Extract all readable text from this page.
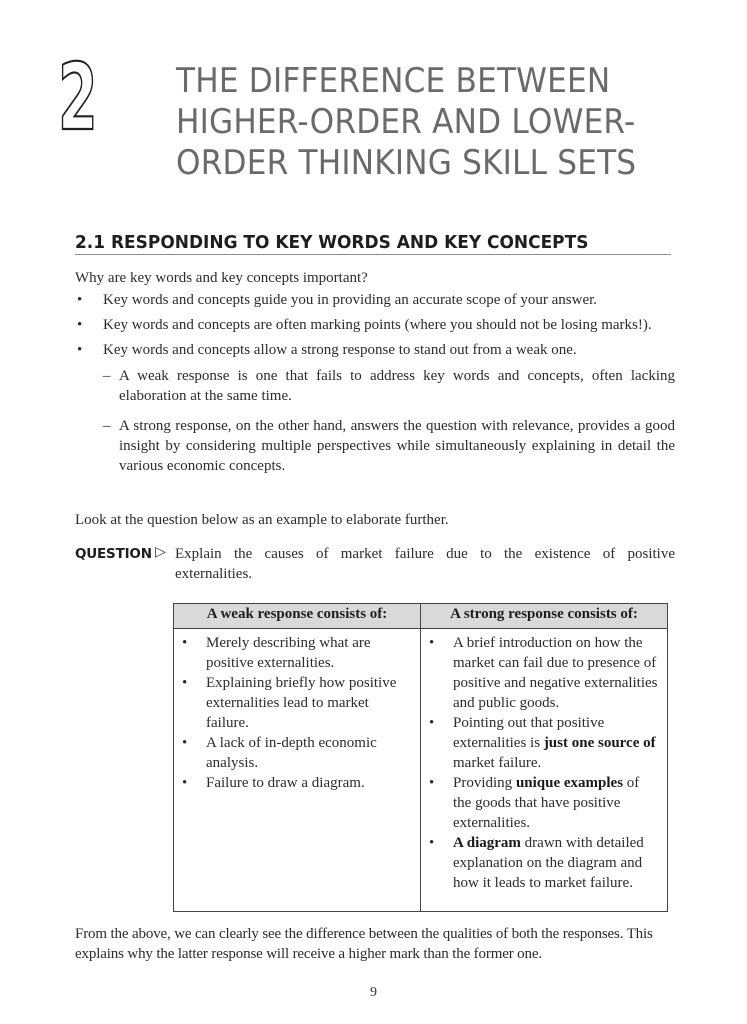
2 THE DIFFERENCE BETWEEN
HIGHER-ORDER AND LOWER-
ORDER THINKING SKILL SETS
2.1 RESPONDING TO KEY WORDS AND KEY CONCEPTS

Why are key words and key concepts important?

• Key words and concepts guide you in providing an accurate scope of your answer.
• Key words and concepts are often marking points (where you should not be losing marks!).
• Key words and concepts allow a strong response to stand out from a weak one.
– A weak response is one that fails to address key words and concepts, often lacking elaboration at the same time.
– A strong response, on the other hand, answers the question with relevance, provides a good insight by considering multiple perspectives while simultaneously explaining in detail the various economic concepts.

Look at the question below as an example to elaborate further.

QUESTION ▷ Explain the causes of market failure due to the existence of positive externalities.
A weak response consists of:	A strong response consists of:

• Merely describing what are positive externalities.
• Explaining briefly how positive externalities lead to market failure.
• A lack of in-depth economic analysis.
• Failure to draw a diagram.

• A brief introduction on how the market can fail due to presence of positive and negative externalities and public goods.
• Pointing out that positive externalities is just one source of market failure.
• Providing unique examples of the goods that have positive externalities.
• A diagram drawn with detailed explanation on the diagram and how it leads to market failure.

From the above, we can clearly see the difference between the qualities of both the responses. This explains why the latter response will receive a higher mark than the former one.

9
